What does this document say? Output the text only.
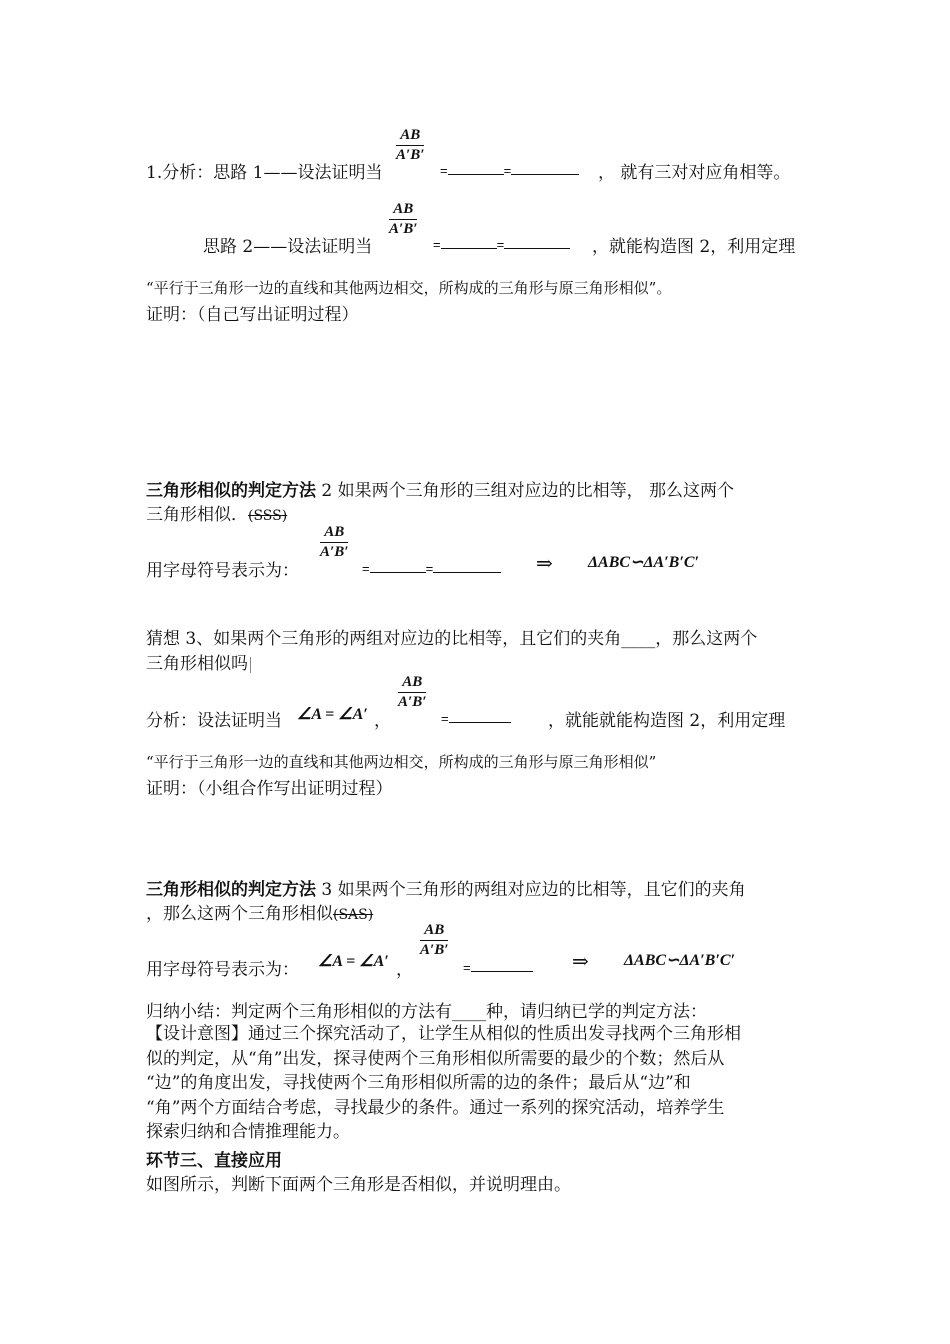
1.分析：思路 1——设法证明当
$\frac{AB}{A'B'}$
=	=	， 就有三对对应角相等。
思路 2——设法证明当
$\frac{AB}{A'B'}$
=	=	，就能构造图 2，利用定理
“平行于三角形一边的直线和其他两边相交，所构成的三角形与原三角形相似”。
证明：（自己写出证明过程）
三角形相似的判定方法 2 如果两个三角形的三组对应边的比相等， 那么这两个
三角形相似．(SSS)
用字母符号表示为：
$\frac{AB}{A'B'}$
=	=	⇒ ΔABC∽ΔA′B′C′
猜想 3、如果两个三角形的两组对应边的比相等，且它们的夹角____，那么这两个
三角形相似吗
分析：设法证明当 ∠A = ∠A′ ，
$\frac{AB}{A'B'}$
=	，就能就能构造图 2，利用定理
“平行于三角形一边的直线和其他两边相交，所构成的三角形与原三角形相似”
证明：（小组合作写出证明过程）
三角形相似的判定方法 3 如果两个三角形的两组对应边的比相等，且它们的夹角
，那么这两个三角形相似(SAS)
用字母符号表示为： ∠A = ∠A′ ，
$\frac{AB}{A'B'}$
=	⇒ ΔABC∽ΔA′B′C′
归纳小结：判定两个三角形相似的方法有____种，请归纳已学的判定方法：
【设计意图】通过三个探究活动了，让学生从相似的性质出发寻找两个三角形相
似的判定，从“角”出发，探寻使两个三角形相似所需要的最少的个数；然后从
“边”的角度出发，寻找使两个三角形相似所需的边的条件；最后从“边”和
“角”两个方面结合考虑，寻找最少的条件。通过一系列的探究活动，培养学生
探索归纳和合情推理能力。
环节三、直接应用
如图所示，判断下面两个三角形是否相似，并说明理由。
